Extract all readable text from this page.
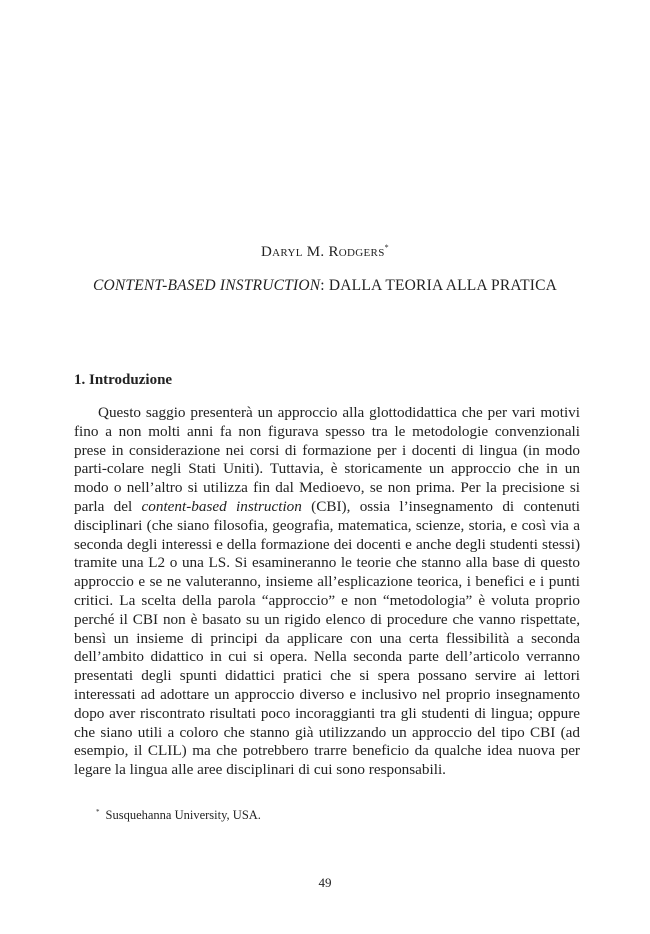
Daryl M. Rodgers*
CONTENT-BASED INSTRUCTION: DALLA TEORIA ALLA PRATICA
1. Introduzione

Questo saggio presenterà un approccio alla glottodidattica che per vari motivi fino a non molti anni fa non figurava spesso tra le metodologie convenzionali prese in considerazione nei corsi di formazione per i docenti di lingua (in modo parti-colare negli Stati Uniti). Tuttavia, è storicamente un approccio che in un modo o nell’altro si utilizza fin dal Medioevo, se non prima. Per la precisione si parla del content-based instruction (CBI), ossia l’insegnamento di contenuti disciplinari (che siano filosofia, geografia, matematica, scienze, storia, e così via a seconda degli interessi e della formazione dei docenti e anche degli studenti stessi) tramite una L2 o una LS. Si esamineranno le teorie che stanno alla base di questo approccio e se ne valuteranno, insieme all’esplicazione teorica, i benefici e i punti critici. La scelta della parola “approccio” e non “metodologia” è voluta proprio perché il CBI non è basato su un rigido elenco di procedure che vanno rispettate, bensì un insieme di principi da applicare con una certa flessibilità a seconda dell’ambito didattico in cui si opera. Nella seconda parte dell’articolo verranno presentati degli spunti didattici pratici che si spera possano servire ai lettori interessati ad adottare un approccio diverso e inclusivo nel proprio insegnamento dopo aver riscontrato risultati poco incoraggianti tra gli studenti di lingua; oppure che siano utili a coloro che stanno già utilizzando un approccio del tipo CBI (ad esempio, il CLIL) ma che potrebbero trarre beneficio da qualche idea nuova per legare la lingua alle aree disciplinari di cui sono responsabili.

* Susquehanna University, USA.
49
